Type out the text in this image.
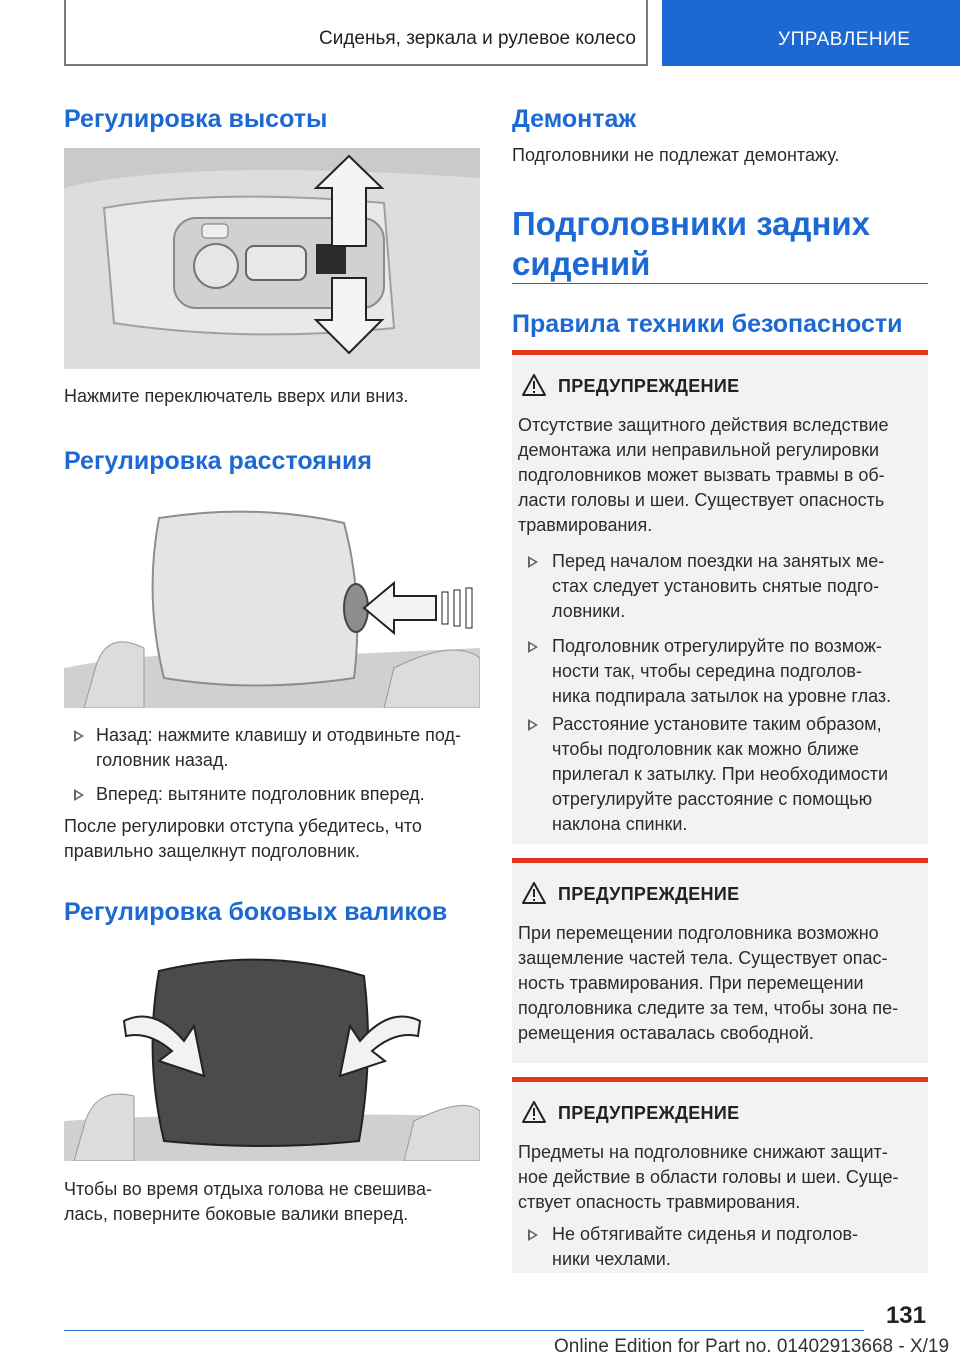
Сиденья, зеркала и рулевое колесо	УПРАВЛЕНИЕ
Регулировка высоты
Нажмите переключатель вверх или вниз.
Регулировка расстояния
Назад: нажмите клавишу и отодвиньте под-
головник назад.
Вперед: вытяните подголовник вперед.
После регулировки отступа убедитесь, что
правильно защелкнут подголовник.
Регулировка боковых валиков
Чтобы во время отдыха голова не свешива-
лась, поверните боковые валики вперед.
Демонтаж
Подголовники не подлежат демонтажу.
Подголовники задних
сидений
Правила техники безопасности
ПРЕДУПРЕЖДЕНИЕ
Отсутствие защитного действия вследствие
демонтажа или неправильной регулировки
подголовников может вызвать травмы в об-
ласти головы и шеи. Существует опасность
травмирования.
Перед началом поездки на занятых ме-
стах следует установить снятые подго-
ловники.
Подголовник отрегулируйте по возмож-
ности так, чтобы середина подголов-
ника подпирала затылок на уровне глаз.
Расстояние установите таким образом,
чтобы подголовник как можно ближе
прилегал к затылку. При необходимости
отрегулируйте расстояние с помощью
наклона спинки.
ПРЕДУПРЕЖДЕНИЕ
При перемещении подголовника возможно
защемление частей тела. Существует опас-
ность травмирования. При перемещении
подголовника следите за тем, чтобы зона пе-
ремещения оставалась свободной.
ПРЕДУПРЕЖДЕНИЕ
Предметы на подголовнике снижают защит-
ное действие в области головы и шеи. Суще-
ствует опасность травмирования.
Не обтягивайте сиденья и подголов-
ники чехлами.
131
Online Edition for Part no. 01402913668 - X/19
